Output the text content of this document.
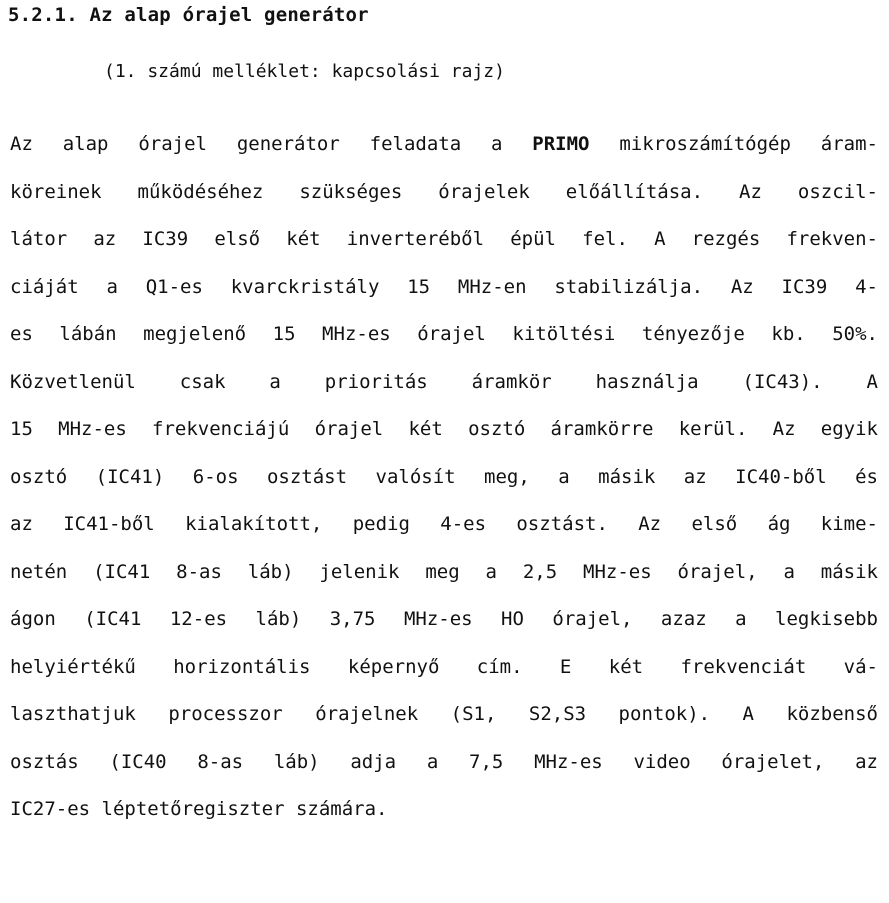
5.2.1. Az alap órajel generátor
(1. számú melléklet: kapcsolási rajz)
Az alap órajel generátor feladata a PRIMO mikroszámítógép áram-
köreinek működéséhez szükséges órajelek előállítása. Az oszcil-
látor az IC39 első két inverteréből épül fel. A rezgés frekven-
ciáját a Q1-es kvarckristály 15 MHz-en stabilizálja. Az IC39 4-
es lábán megjelenő 15 MHz-es órajel kitöltési tényezője kb. 50%.
Közvetlenül csak a prioritás áramkör használja (IC43). A
15 MHz-es frekvenciájú órajel két osztó áramkörre kerül. Az egyik
osztó (IC41) 6-os osztást valósít meg, a másik az IC40-ből és
az IC41-ből kialakított, pedig 4-es osztást. Az első ág kime-
netén (IC41 8-as láb) jelenik meg a 2,5 MHz-es órajel, a másik
ágon (IC41 12-es láb) 3,75 MHz-es HO órajel, azaz a legkisebb
helyiértékű horizontális képernyő cím. E két frekvenciát vá-
laszthatjuk processzor órajelnek (S1, S2,S3 pontok). A közbenső
osztás (IC40 8-as láb) adja a 7,5 MHz-es video órajelet, az
IC27-es léptetőregiszter számára.
